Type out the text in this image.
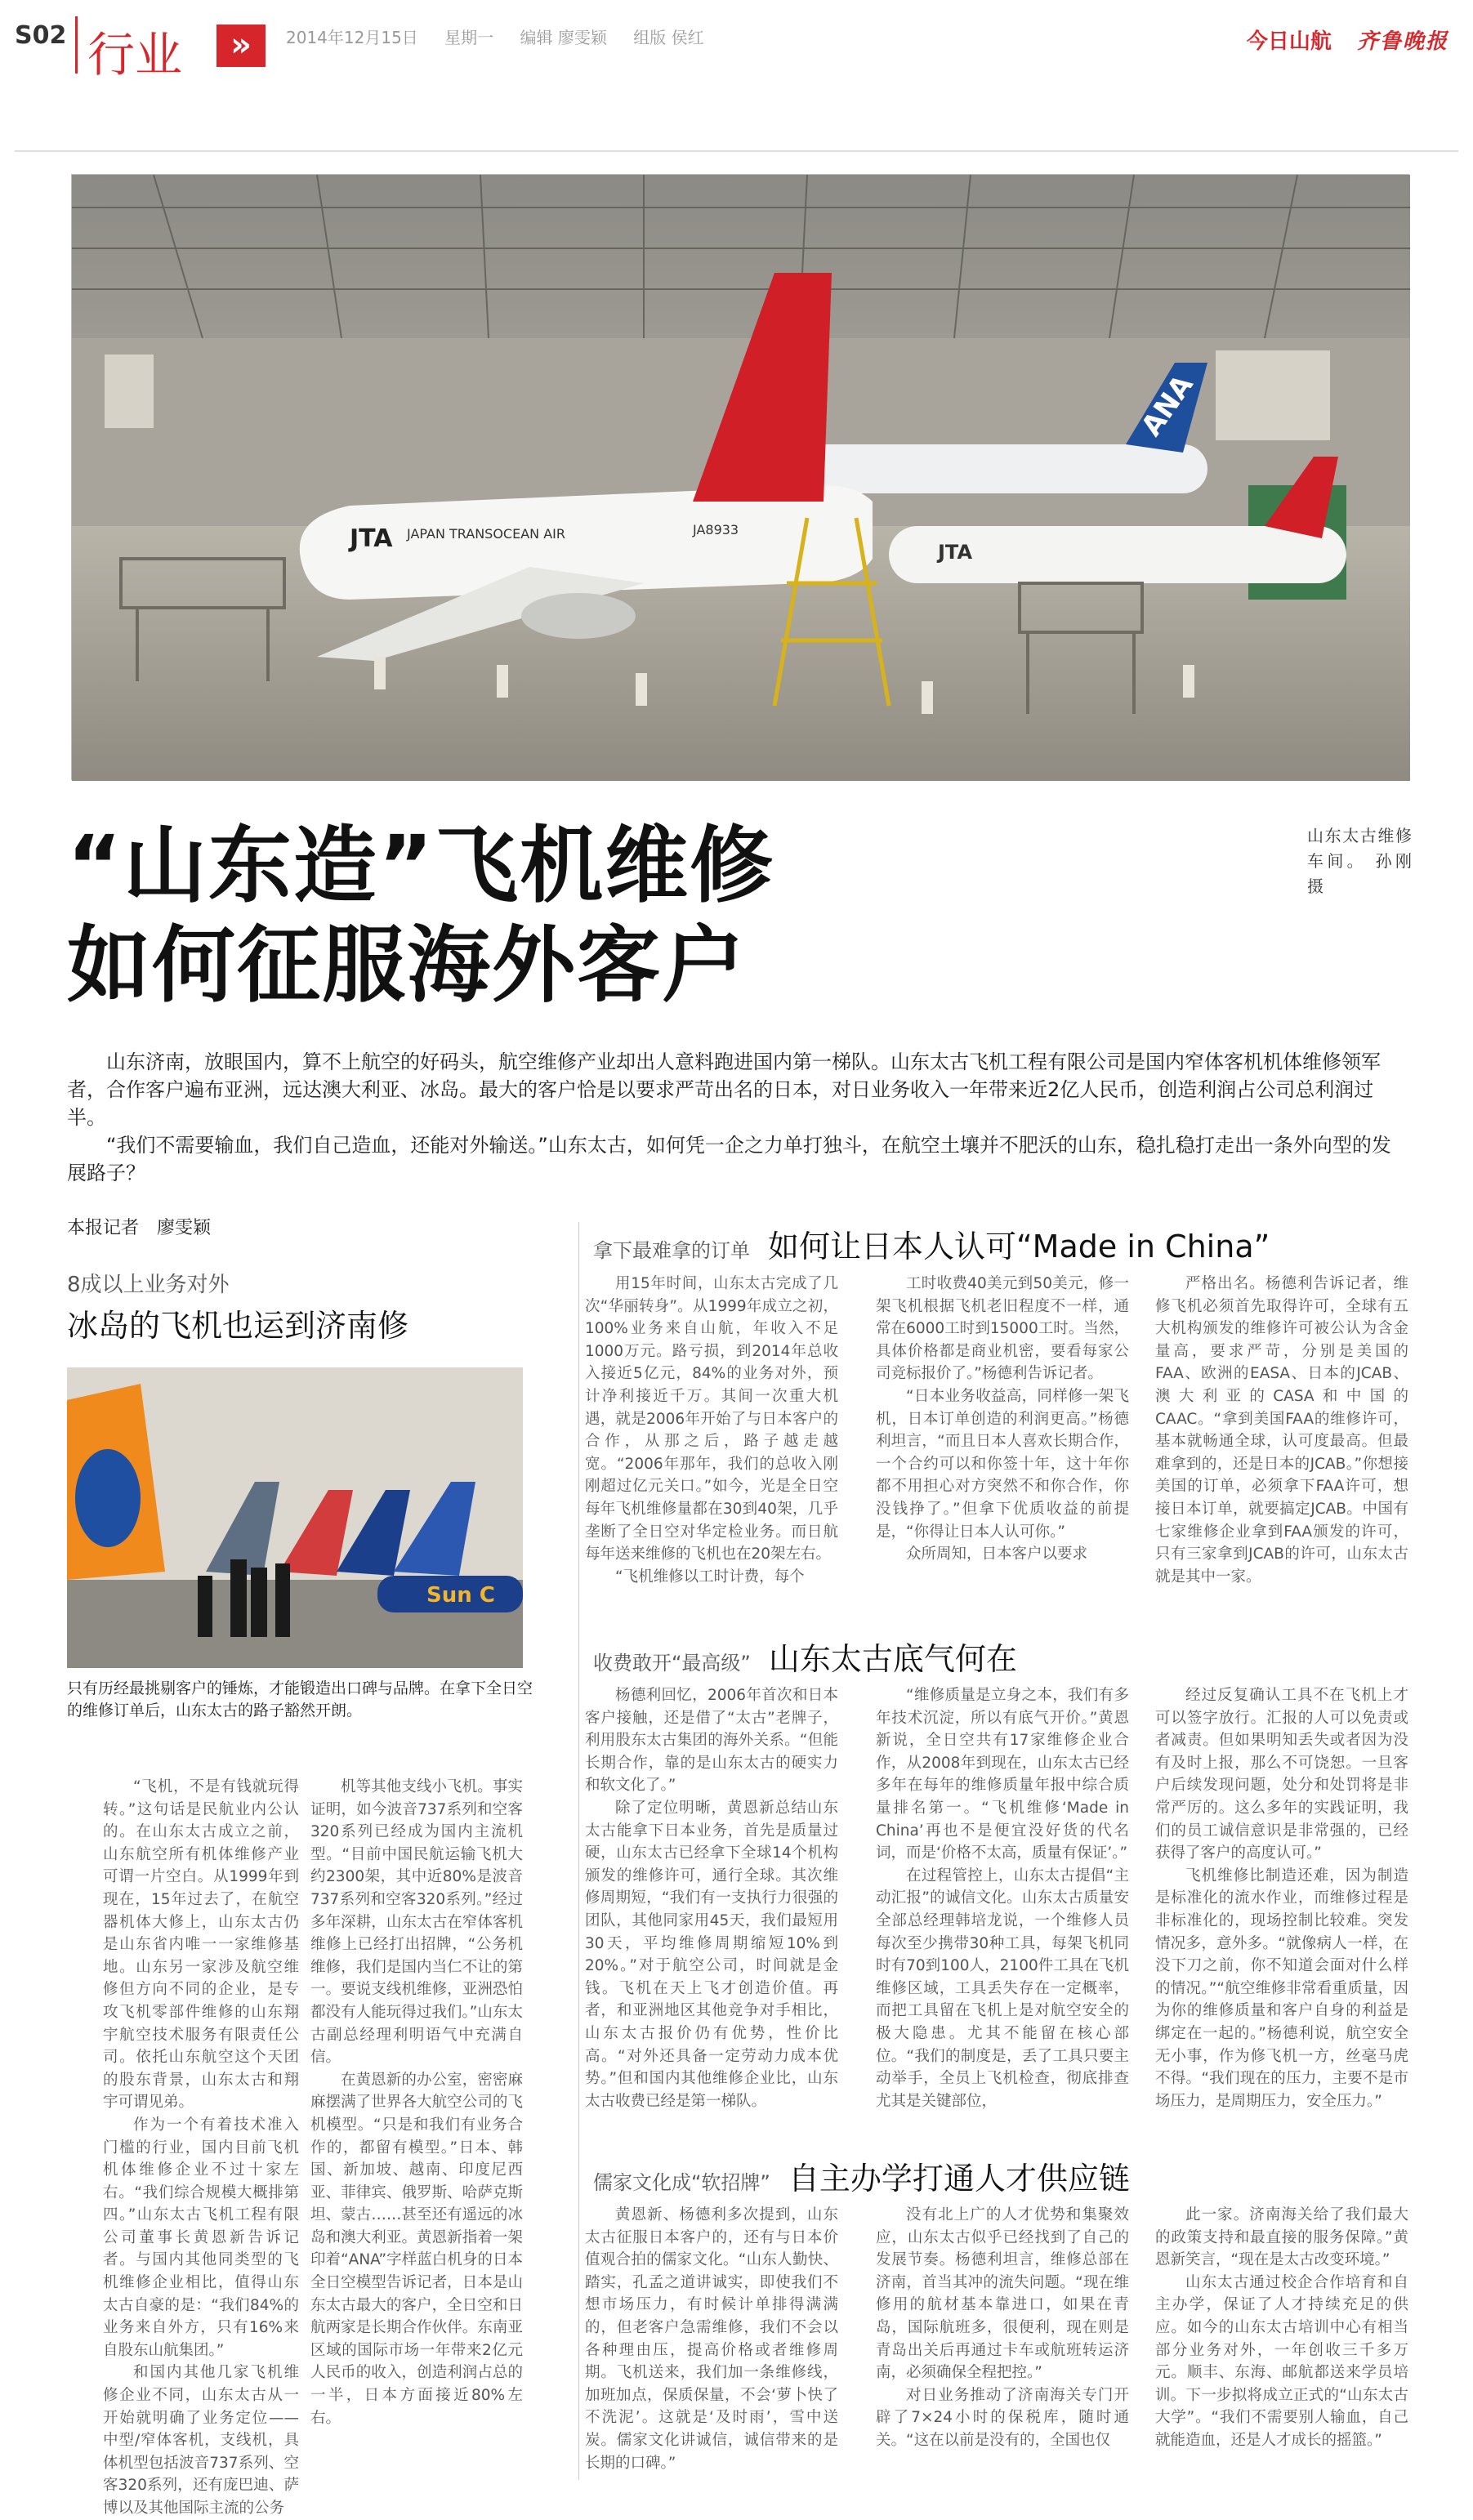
S02 行业	»	2014年12月15日 星期一 编辑 廖雯颖 组版 侯红	今日山航 齐鲁晚报
ANA
JTA
JTA JAPAN TRANSOCEAN AIR	JA8933
山东太古维修车间。 孙刚 摄
“山东造”飞机维修
如何征服海外客户

山东济南，放眼国内，算不上航空的好码头，航空维修产业却出人意料跑进国内第一梯队。山东太古飞机工程有限公司是国内窄体客机机体维修领军者，合作客户遍布亚洲，远达澳大利亚、冰岛。最大的客户恰是以要求严苛出名的日本，对日业务收入一年带来近2亿人民币，创造利润占公司总利润过半。

“我们不需要输血，我们自己造血，还能对外输送。”山东太古，如何凭一企之力单打独斗，在航空土壤并不肥沃的山东，稳扎稳打走出一条外向型的发展路子？

本报记者 廖雯颖
8成以上业务对外
冰岛的飞机也运到济南修
Sun C
只有历经最挑剔客户的锤炼，才能锻造出口碑与品牌。在拿下全日空的维修订单后，山东太古的路子豁然开朗。

“飞机，不是有钱就玩得转。”这句话是民航业内公认的。在山东太古成立之前，山东航空所有机体维修产业可谓一片空白。从1999年到现在，15年过去了，在航空器机体大修上，山东太古仍是山东省内唯一一家维修基地。山东另一家涉及航空维修但方向不同的企业，是专攻飞机零部件维修的山东翔宇航空技术服务有限责任公司。依托山东航空这个天团的股东背景，山东太古和翔宇可谓见弟。

作为一个有着技术准入门槛的行业，国内目前飞机机体维修企业不过十家左右。“我们综合规模大概排第四。”山东太古飞机工程有限公司董事长黄恩新告诉记者。与国内其他同类型的飞机维修企业相比，值得山东太古自豪的是：“我们84%的业务来自外方，只有16%来自股东山航集团。”

和国内其他几家飞机维修企业不同，山东太古从一开始就明确了业务定位——中型/窄体客机，支线机，具体机型包括波音737系列、空客320系列，还有庞巴迪、萨博以及其他国际主流的公务

机等其他支线小飞机。事实证明，如今波音737系列和空客320系列已经成为国内主流机型。“目前中国民航运输飞机大约2300架，其中近80%是波音737系列和空客320系列。”经过多年深耕，山东太古在窄体客机维修上已经打出招牌，“公务机维修，我们是国内当仁不让的第一。要说支线机维修，亚洲恐怕都没有人能玩得过我们。”山东太古副总经理利明语气中充满自信。

在黄恩新的办公室，密密麻麻摆满了世界各大航空公司的飞机模型。“只是和我们有业务合作的，都留有模型。”日本、韩国、新加坡、越南、印度尼西亚、菲律宾、俄罗斯、哈萨克斯坦、蒙古……甚至还有遥远的冰岛和澳大利亚。黄恩新指着一架印着“ANA”字样蓝白机身的日本全日空模型告诉记者，日本是山东太古最大的客户，全日空和日航两家是长期合作伙伴。东南亚区域的国际市场一年带来2亿元人民币的收入，创造利润占总的一半，日本方面接近80%左右。

拿下最难拿的订单 如何让日本人认可“Made in China”

用15年时间，山东太古完成了几次“华丽转身”。从1999年成立之初，100%业务来自山航，年收入不足1000万元。路亏损，到2014年总收入接近5亿元，84%的业务对外，预计净利接近千万。其间一次重大机遇，就是2006年开始了与日本客户的合作，从那之后，路子越走越宽。“2006年那年，我们的总收入刚刚超过亿元关口。”如今，光是全日空每年飞机维修量都在30到40架，几乎垄断了全日空对华定检业务。而日航每年送来维修的飞机也在20架左右。

“飞机维修以工时计费，每个

工时收费40美元到50美元，修一架飞机根据飞机老旧程度不一样，通常在6000工时到15000工时。当然，具体价格都是商业机密，要看每家公司竞标报价了。”杨德利告诉记者。

“日本业务收益高，同样修一架飞机，日本订单创造的利润更高。”杨德利坦言，“而且日本人喜欢长期合作，一个合约可以和你签十年，这十年你都不用担心对方突然不和你合作，你没钱挣了。”但拿下优质收益的前提是，“你得让日本人认可你。”

众所周知，日本客户以要求

严格出名。杨德利告诉记者，维修飞机必须首先取得许可，全球有五大机构颁发的维修许可被公认为含金量高，要求严苛，分别是美国的FAA、欧洲的EASA、日本的JCAB、澳大利亚的CASA和中国的CAAC。“拿到美国FAA的维修许可，基本就畅通全球，认可度最高。但最难拿到的，还是日本的JCAB。”你想接美国的订单，必须拿下FAA许可，想接日本订单，就要搞定JCAB。中国有七家维修企业拿到FAA颁发的许可，只有三家拿到JCAB的许可，山东太古就是其中一家。

收费敢开“最高级” 山东太古底气何在

杨德利回忆，2006年首次和日本客户接触，还是借了“太古”老牌子，利用股东太古集团的海外关系。“但能长期合作，靠的是山东太古的硬实力和软文化了。”

除了定位明晰，黄恩新总结山东太古能拿下日本业务，首先是质量过硬，山东太古已经拿下全球14个机构颁发的维修许可，通行全球。其次维修周期短，“我们有一支执行力很强的团队，其他同家用45天，我们最短用30天，平均维修周期缩短10%到20%。”对于航空公司，时间就是金钱。飞机在天上飞才创造价值。再者，和亚洲地区其他竞争对手相比，山东太古报价仍有优势，性价比高。“对外还具备一定劳动力成本优势。”但和国内其他维修企业比，山东太古收费已经是第一梯队。

“维修质量是立身之本，我们有多年技术沉淀，所以有底气开价。”黄恩新说，全日空共有17家维修企业合作，从2008年到现在，山东太古已经多年在每年的维修质量年报中综合质量排名第一。“飞机维修‘Made in China’再也不是便宜没好货的代名词，而是‘价格不太高，质量有保证’。”

在过程管控上，山东太古提倡“主动汇报”的诚信文化。山东太古质量安全部总经理韩培龙说，一个维修人员每次至少携带30种工具，每架飞机同时有70到100人，2100件工具在飞机维修区域，工具丢失存在一定概率，而把工具留在飞机上是对航空安全的极大隐患。尤其不能留在核心部位。“我们的制度是，丢了工具只要主动举手，全员上飞机检查，彻底排查尤其是关键部位，

经过反复确认工具不在飞机上才可以签字放行。汇报的人可以免责或者减责。但如果明知丢失或者因为没有及时上报，那么不可饶恕。一旦客户后续发现问题，处分和处罚将是非常严厉的。这么多年的实践证明，我们的员工诚信意识是非常强的，已经获得了客户的高度认可。”

飞机维修比制造还难，因为制造是标准化的流水作业，而维修过程是非标准化的，现场控制比较难。突发情况多，意外多。“就像病人一样，在没下刀之前，你不知道会面对什么样的情况。”“航空维修非常看重质量，因为你的维修质量和客户自身的利益是绑定在一起的。”杨德利说，航空安全无小事，作为修飞机一方，丝毫马虎不得。“我们现在的压力，主要不是市场压力，是周期压力，安全压力。”

儒家文化成“软招牌” 自主办学打通人才供应链

黄恩新、杨德利多次提到，山东太古征服日本客户的，还有与日本价值观合拍的儒家文化。“山东人勤快、踏实，孔孟之道讲诚实，即使我们不想市场压力，有时候计单排得满满的，但老客户急需维修，我们不会以各种理由压，提高价格或者维修周期。飞机送来，我们加一条维修线，加班加点，保质保量，不会‘萝卜快了不洗泥’。这就是‘及时雨’，雪中送炭。儒家文化讲诚信，诚信带来的是长期的口碑。”

没有北上广的人才优势和集聚效应，山东太古似乎已经找到了自己的发展节奏。杨德利坦言，维修总部在济南，首当其冲的流失问题。“现在维修用的航材基本靠进口，如果在青岛，国际航班多，很便利，现在则是青岛出关后再通过卡车或航班转运济南，必须确保全程把控。”

对日业务推动了济南海关专门开辟了7×24小时的保税库，随时通关。“这在以前是没有的，全国也仅

此一家。济南海关给了我们最大的政策支持和最直接的服务保障。”黄恩新笑言，“现在是太古改变环境。”

山东太古通过校企合作培育和自主办学，保证了人才持续充足的供应。如今的山东太古培训中心有相当部分业务对外，一年创收三千多万元。顺丰、东海、邮航都送来学员培训。下一步拟将成立正式的“山东太古大学”。“我们不需要别人输血，自己就能造血，还是人才成长的摇篮。”
